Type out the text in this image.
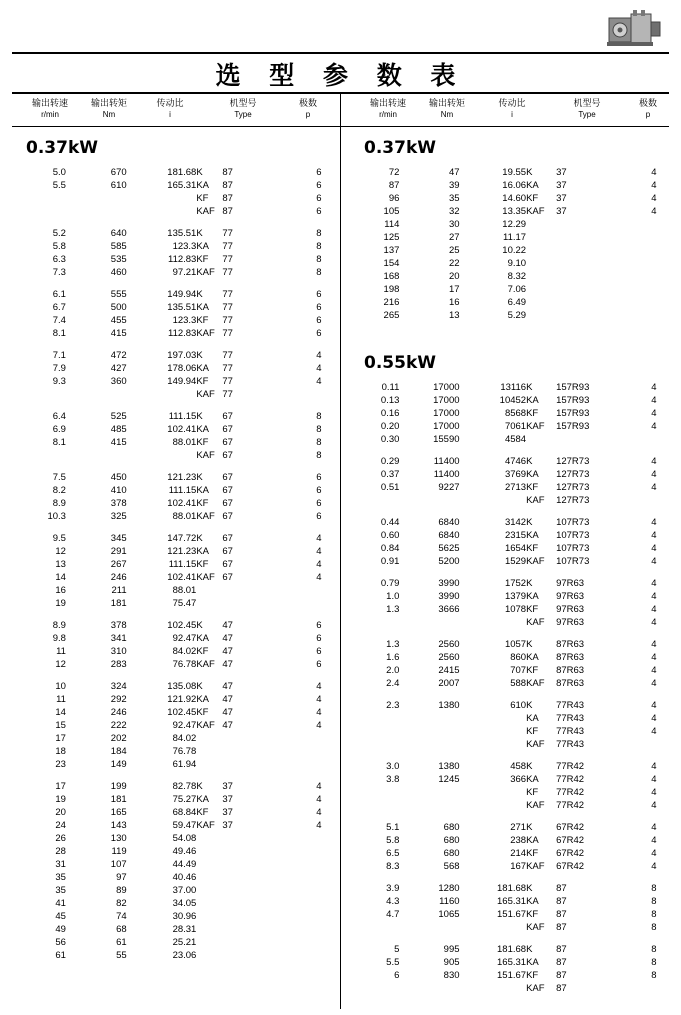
选 型 参 数 表
输出转速
r/min
输出转矩
Nm
传动比
i
机型号
Type
极数
p
输出转速
r/min
输出转矩
Nm
传动比
i
机型号
Type
极数
p
0.37kW
5.0	670	181.68	K 87	6
5.5	610	165.31	KA 87	6
			KF 87	6
			KAF 87	6
5.2	640	135.51	K 77	8
5.8	585	123.3	KA 77	8
6.3	535	112.83	KF 77	8
7.3	460	97.21	KAF 77	8
6.1	555	149.94	K 77	6
6.7	500	135.51	KA 77	6
7.4	455	123.3	KF 77	6
8.1	415	112.83	KAF 77	6
7.1	472	197.03	K 77	4
7.9	427	178.06	KA 77	4
9.3	360	149.94	KF 77	4
			KAF 77	
6.4	525	111.15	K 67	8
6.9	485	102.41	KA 67	8
8.1	415	88.01	KF 67	8
			KAF 67	8
7.5	450	121.23	K 67	6
8.2	410	111.15	KA 67	6
8.9	378	102.41	KF 67	6
10.3	325	88.01	KAF 67	6
9.5	345	147.72	K 67	4
12	291	121.23	KA 67	4
13	267	111.15	KF 67	4
14	246	102.41	KAF 67	4
16	211	88.01		
19	181	75.47		
8.9	378	102.45	K 47	6
9.8	341	92.47	KA 47	6
11	310	84.02	KF 47	6
12	283	76.78	KAF 47	6
10	324	135.08	K 47	4
11	292	121.92	KA 47	4
14	246	102.45	KF 47	4
15	222	92.47	KAF 47	4
17	202	84.02		
18	184	76.78		
23	149	61.94		
17	199	82.78	K 37	4
19	181	75.27	KA 37	4
20	165	68.84	KF 37	4
24	143	59.47	KAF 37	4
26	130	54.08		
28	119	49.46		
31	107	44.49		
35	97	40.46		
35	89	37.00		
41	82	34.05		
45	74	30.96		
49	68	28.31		
56	61	25.21		
61	55	23.06		
0.37kW
72	47	19.55	K 37	4
87	39	16.06	KA 37	4
96	35	14.60	KF 37	4
105	32	13.35	KAF 37	4
114	30	12.29		
125	27	11.17		
137	25	10.22		
154	22	9.10		
168	20	8.32		
198	17	7.06		
216	16	6.49		
265	13	5.29		
0.55kW
0.11	17000	13116	K 157R93	4
0.13	17000	10452	KA 157R93	4
0.16	17000	8568	KF 157R93	4
0.20	17000	7061	KAF 157R93	4
0.30	15590	4584		
0.29	11400	4746	K 127R73	4
0.37	11400	3769	KA 127R73	4
0.51	9227	2713	KF 127R73	4
			KAF 127R73	
0.44	6840	3142	K 107R73	4
0.60	6840	2315	KA 107R73	4
0.84	5625	1654	KF 107R73	4
0.91	5200	1529	KAF 107R73	4
0.79	3990	1752	K 97R63	4
1.0	3990	1379	KA 97R63	4
1.3	3666	1078	KF 97R63	4
			KAF 97R63	4
1.3	2560	1057	K 87R63	4
1.6	2560	860	KA 87R63	4
2.0	2415	707	KF 87R63	4
2.4	2007	588	KAF 87R63	4
2.3	1380	610	K 77R43	4
			KA 77R43	4
			KF 77R43	4
			KAF 77R43	
3.0	1380	458	K 77R42	4
3.8	1245	366	KA 77R42	4
			KF 77R42	4
			KAF 77R42	4
5.1	680	271	K 67R42	4
5.8	680	238	KA 67R42	4
6.5	680	214	KF 67R42	4
8.3	568	167	KAF 67R42	4
3.9	1280	181.68	K 87	8
4.3	1160	165.31	KA 87	8
4.7	1065	151.67	KF 87	8
			KAF 87	8
5	995	181.68	K 87	8
5.5	905	165.31	KA 87	8
6	830	151.67	KF 87	8
			KAF 87	
